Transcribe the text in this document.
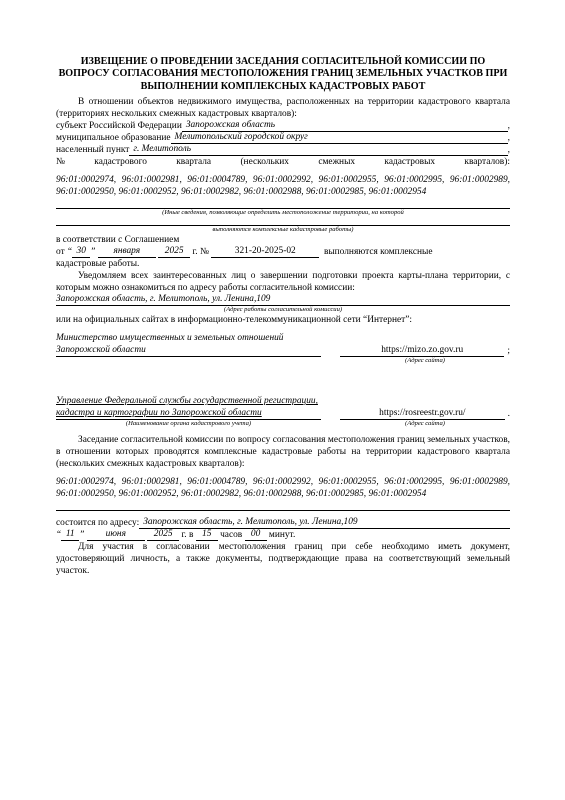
ИЗВЕЩЕНИЕ О ПРОВЕДЕНИИ ЗАСЕДАНИЯ СОГЛАСИТЕЛЬНОЙ КОМИССИИ ПО ВОПРОСУ СОГЛАСОВАНИЯ МЕСТОПОЛОЖЕНИЯ ГРАНИЦ ЗЕМЕЛЬНЫХ УЧАСТКОВ ПРИ ВЫПОЛНЕНИИ КОМПЛЕКСНЫХ КАДАСТРОВЫХ РАБОТ

В отношении объектов недвижимого имущества, расположенных на территории кадастрового квартала (территориях нескольких смежных кадастровых кварталов):

субъект Российской Федерации Запорожская область	,
муниципальное образование Мелитопольский городской округ	,
населенный пункт г. Мелитополь	,
№	кадастрового	квартала	(нескольких	смежных	кадастровых	кварталов):
96:01:0002974, 96:01:0002981, 96:01:0004789, 96:01:0002992, 96:01:0002955, 96:01:0002995, 96:01:0002989, 96:01:0002950, 96:01:0002952, 96:01:0002982, 96:01:0002988, 96:01:0002985, 96:01:0002954
(Иные сведения, позволяющие определить местоположение территории, на которой
выполняются комплексные кадастровые работы)

в соответствии с Соглашением

от
“ 30 ”
	января
	2025
г. №
	321-20-2025-02
	выполняются комплексные

кадастровые работы.

Уведомляем всех заинтересованных лиц о завершении подготовки проекта карты-плана территории, с которым можно ознакомиться по адресу работы согласительной комиссии:

Запорожская область, г. Мелитополь, ул. Ленина,109
(Адрес работы согласительной комиссии)

или на официальных сайтах в информационно-телекоммуникационной сети “Интернет”:

Министерство имущественных и земельных отношений Запорожской области	https://mizo.zo.gov.ru	;
(Адрес сайта)
Управление Федеральной службы государственной регистрации, кадастра и картографии по Запорожской области	https://rosreestr.gov.ru/	.
(Наименование органа кадастрового учета)	(Адрес сайта)

Заседание согласительной комиссии по вопросу согласования местоположения границ земельных участков, в отношении которых проводятся комплексные кадастровые работы на территории кадастрового квартала (нескольких смежных кадастровых кварталов):

96:01:0002974, 96:01:0002981, 96:01:0004789, 96:01:0002992, 96:01:0002955, 96:01:0002995, 96:01:0002989, 96:01:0002950, 96:01:0002952, 96:01:0002982, 96:01:0002988, 96:01:0002985, 96:01:0002954
состоится по адресу: Запорожская область, г. Мелитополь, ул. Ленина,109
“ 11 ”
	июня
	2025
г. в
15
часов
00
минут.

Для участия в согласовании местоположения границ при себе необходимо иметь документ, удостоверяющий личность, а также документы, подтверждающие права на соответствующий земельный участок.
